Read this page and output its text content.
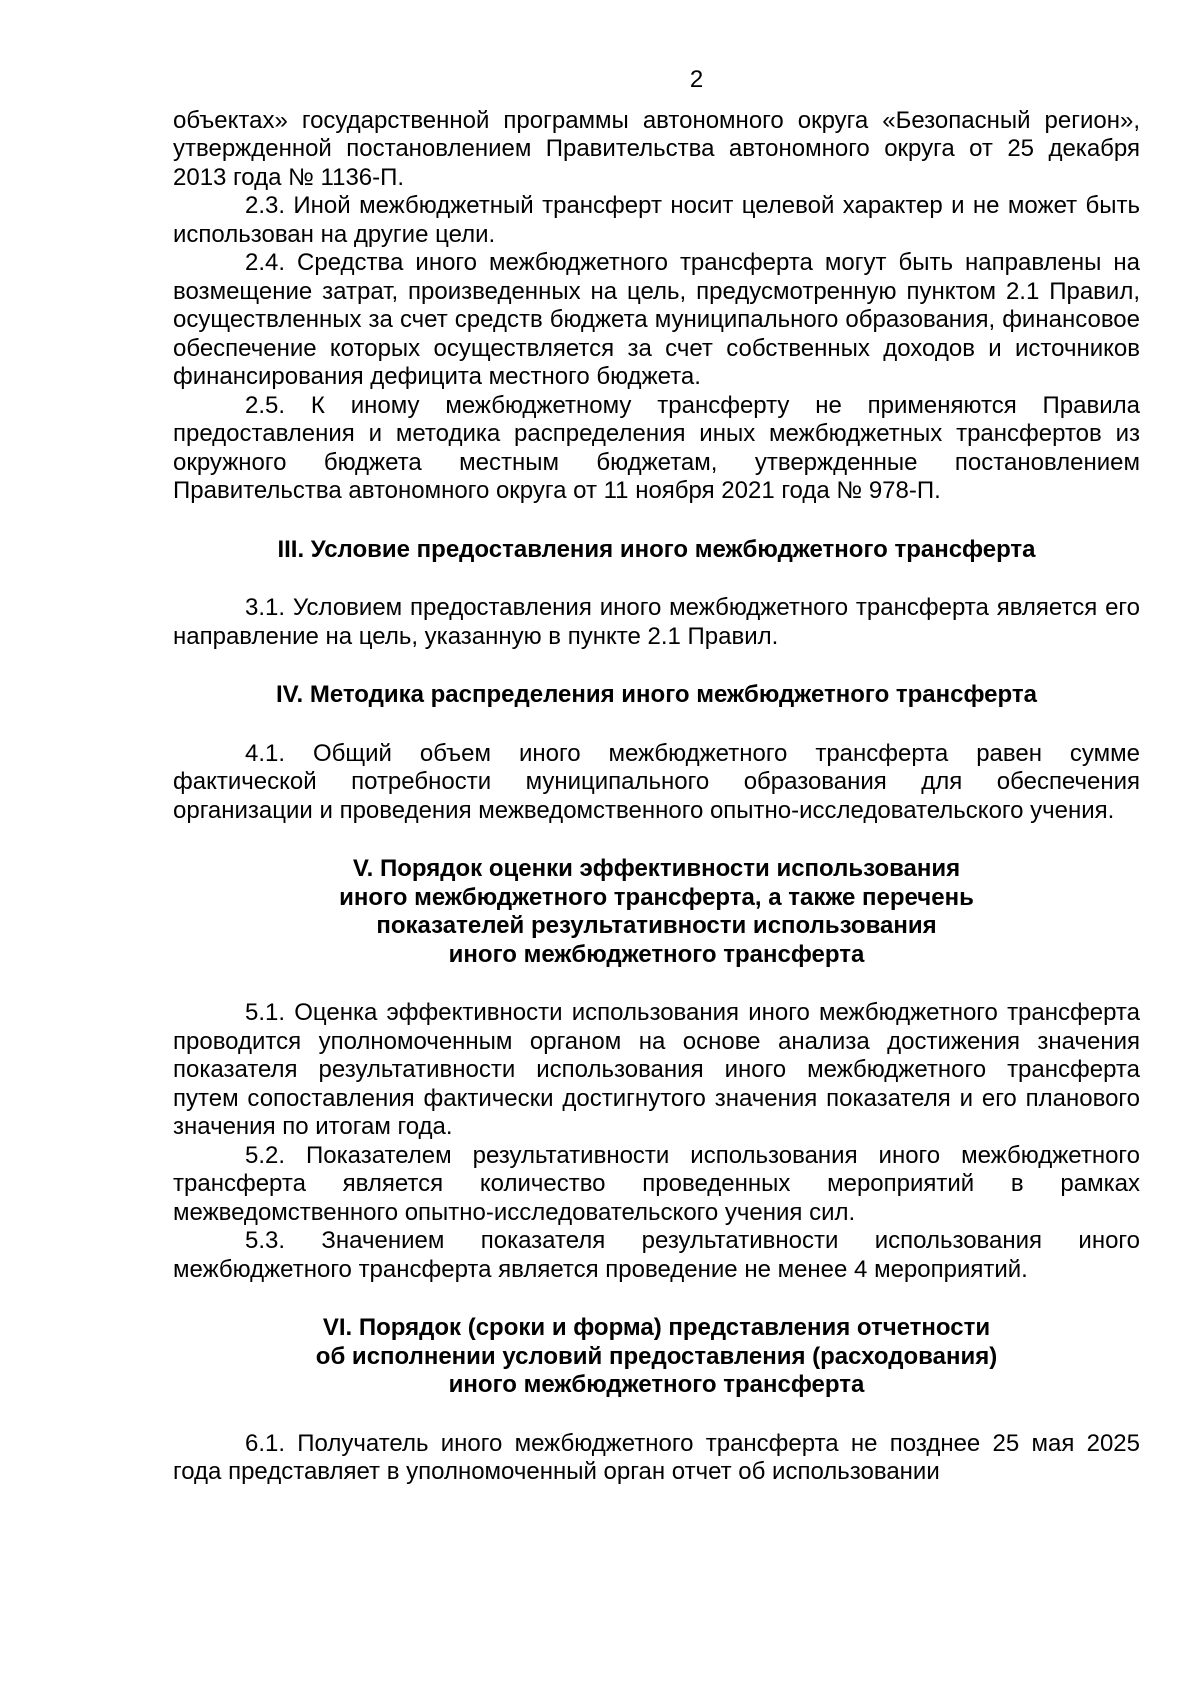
2

объектах» государственной программы автономного округа «Безопасный регион», утвержденной постановлением Правительства автономного округа от 25 декабря 2013 года № 1136-П.

2.3. Иной межбюджетный трансферт носит целевой характер и не может быть использован на другие цели.

2.4. Средства иного межбюджетного трансферта могут быть направлены на возмещение затрат, произведенных на цель, предусмотренную пунктом 2.1 Правил, осуществленных за счет средств бюджета муниципального образования, финансовое обеспечение которых осуществляется за счет собственных доходов и источников финансирования дефицита местного бюджета.

2.5. К иному межбюджетному трансферту не применяются Правила предоставления и методика распределения иных межбюджетных трансфертов из окружного бюджета местным бюджетам, утвержденные постановлением Правительства автономного округа от 11 ноября 2021 года № 978-П.

III. Условие предоставления иного межбюджетного трансферта

3.1. Условием предоставления иного межбюджетного трансферта является его направление на цель, указанную в пункте 2.1 Правил.

IV. Методика распределения иного межбюджетного трансферта

4.1. Общий объем иного межбюджетного трансферта равен сумме фактической потребности муниципального образования для обеспечения организации и проведения межведомственного опытно-исследовательского учения.

V. Порядок оценки эффективности использования
иного межбюджетного трансферта, а также перечень
показателей результативности использования
иного межбюджетного трансферта

5.1. Оценка эффективности использования иного межбюджетного трансферта проводится уполномоченным органом на основе анализа достижения значения показателя результативности использования иного межбюджетного трансферта путем сопоставления фактически достигнутого значения показателя и его планового значения по итогам года.

5.2. Показателем результативности использования иного межбюджетного трансферта является количество проведенных мероприятий в рамках межведомственного опытно-исследовательского учения сил.

5.3. Значением показателя результативности использования иного межбюджетного трансферта является проведение не менее 4 мероприятий.

VI. Порядок (сроки и форма) представления отчетности
об исполнении условий предоставления (расходования)
иного межбюджетного трансферта

6.1. Получатель иного межбюджетного трансферта не позднее 25 мая 2025 года представляет в уполномоченный орган отчет об использовании
